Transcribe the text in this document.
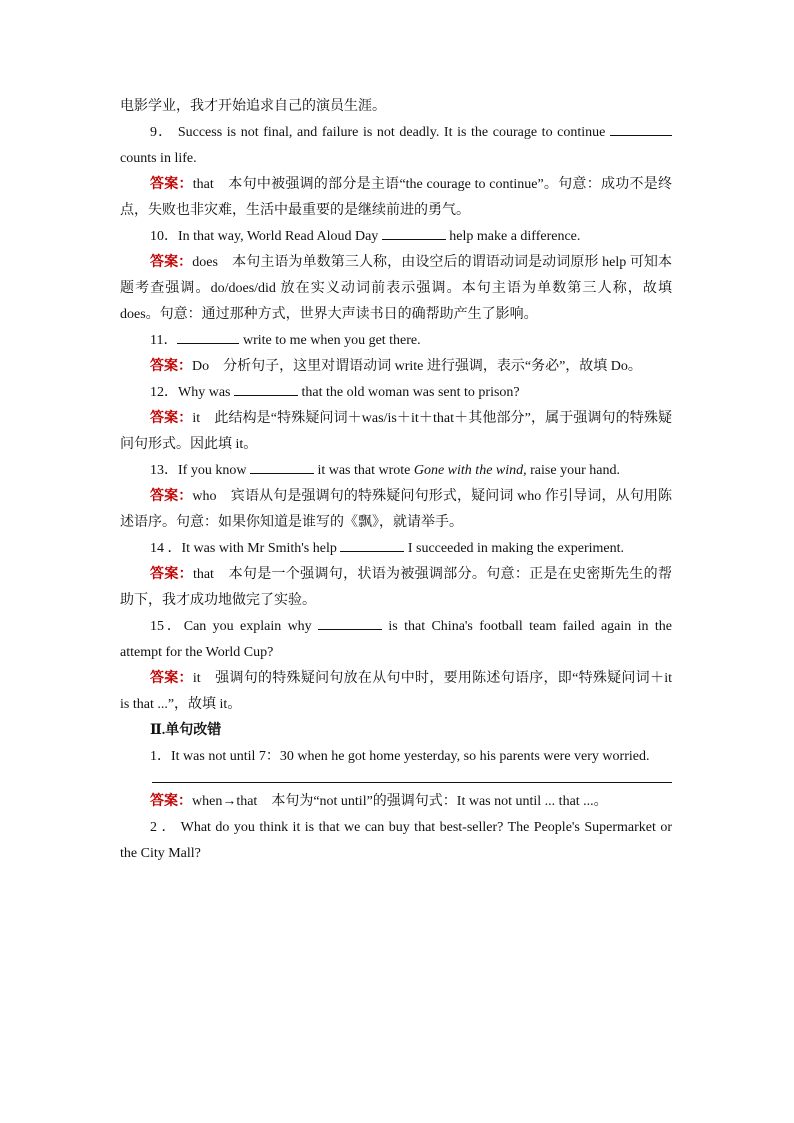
电影学业，我才开始追求自己的演员生涯。

9． Success is not final, and failure is not deadly. It is the courage to continue  counts in life.

答案：that　本句中被强调的部分是主语“the courage to continue”。句意：成功不是终点，失败也非灾难，生活中最重要的是继续前进的勇气。

10．In that way, World Read Aloud Day	help make a difference.

答案：does　本句主语为单数第三人称，由设空后的谓语动词是动词原形 help 可知本题考查强调。do/does/did 放在实义动词前表示强调。本句主语为单数第三人称，故填 does。句意：通过那种方式，世界大声读书日的确帮助产生了影响。

11．	write to me when you get there.

答案：Do　分析句子，这里对谓语动词 write 进行强调，表示“务必”，故填 Do。

12．Why was	that the old woman was sent to prison?

答案：it　此结构是“特殊疑问词＋was/is＋it＋that＋其他部分”，属于强调句的特殊疑问句形式。因此填 it。

13．If you know	it was that wrote Gone with the wind, raise your hand.

答案：who　宾语从句是强调句的特殊疑问句形式，疑问词 who 作引导词，从句用陈述语序。句意：如果你知道是谁写的《飘》，就请举手。

14 ．It was with Mr Smith's help	I succeeded in making the experiment.

答案：that　本句是一个强调句，状语为被强调部分。句意：正是在史密斯先生的帮助下，我才成功地做完了实验。

15．Can you explain why	is that China's football team failed again in the attempt for the World Cup?

答案：it　强调句的特殊疑问句放在从句中时，要用陈述句语序，即“特殊疑问词＋it is that ...”，故填 it。

Ⅱ.单句改错

1．It was not until 7：30 when he got home yesterday, so his parents were very worried.

答案：when→that　本句为“not until”的强调句式：It was not until ... that ...。

2 ． What do you think it is that we can buy that best-seller? The People's Supermarket or the City Mall?
